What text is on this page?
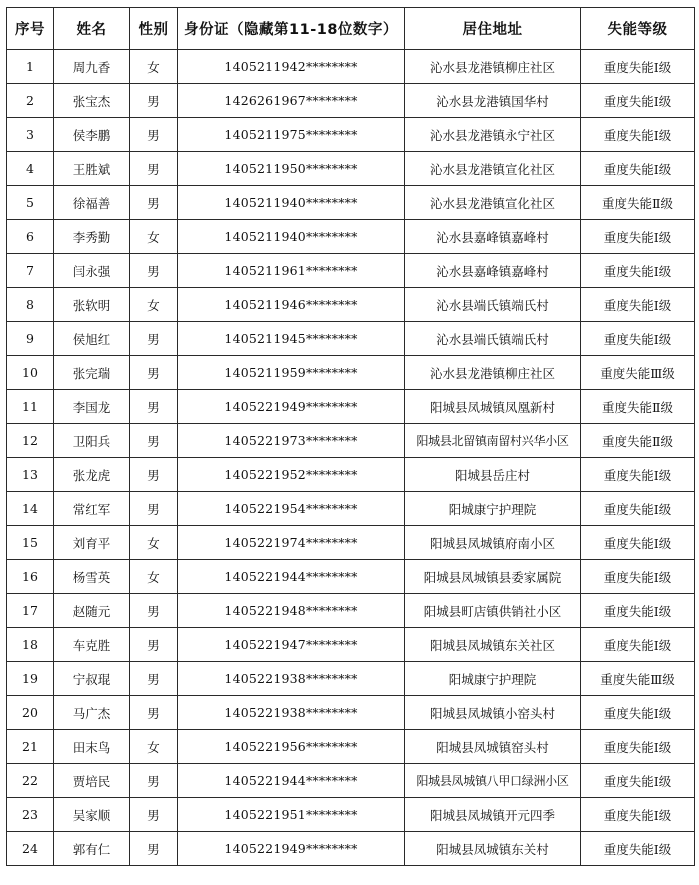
序号	姓名	性别	身份证（隐藏第11-18位数字）	居住地址	失能等级
1	周九香	女	1405211942********	沁水县龙港镇柳庄社区	重度失能Ⅰ级
2	张宝杰	男	1426261967********	沁水县龙港镇国华村	重度失能Ⅰ级
3	侯李鹏	男	1405211975********	沁水县龙港镇永宁社区	重度失能Ⅰ级
4	王胜斌	男	1405211950********	沁水县龙港镇宣化社区	重度失能Ⅰ级
5	徐福善	男	1405211940********	沁水县龙港镇宣化社区	重度失能Ⅱ级
6	李秀勤	女	1405211940********	沁水县嘉峰镇嘉峰村	重度失能Ⅰ级
7	闫永强	男	1405211961********	沁水县嘉峰镇嘉峰村	重度失能Ⅰ级
8	张软明	女	1405211946********	沁水县端氏镇端氏村	重度失能Ⅰ级
9	侯旭红	男	1405211945********	沁水县端氏镇端氏村	重度失能Ⅰ级
10	张完瑞	男	1405211959********	沁水县龙港镇柳庄社区	重度失能Ⅲ级
11	李国龙	男	1405221949********	阳城县凤城镇凤凰新村	重度失能Ⅱ级
12	卫阳兵	男	1405221973********	阳城县北留镇南留村兴华小区	重度失能Ⅱ级
13	张龙虎	男	1405221952********	阳城县岳庄村	重度失能Ⅰ级
14	常红军	男	1405221954********	阳城康宁护理院	重度失能Ⅰ级
15	刘育平	女	1405221974********	阳城县凤城镇府南小区	重度失能Ⅰ级
16	杨雪英	女	1405221944********	阳城县凤城镇县委家属院	重度失能Ⅰ级
17	赵随元	男	1405221948********	阳城县町店镇供销社小区	重度失能Ⅰ级
18	车克胜	男	1405221947********	阳城县凤城镇东关社区	重度失能Ⅰ级
19	宁叔琨	男	1405221938********	阳城康宁护理院	重度失能Ⅲ级
20	马广杰	男	1405221938********	阳城县凤城镇小窑头村	重度失能Ⅰ级
21	田末鸟	女	1405221956********	阳城县凤城镇窑头村	重度失能Ⅰ级
22	贾培民	男	1405221944********	阳城县凤城镇八甲口绿洲小区	重度失能Ⅰ级
23	吴家顺	男	1405221951********	阳城县凤城镇开元四季	重度失能Ⅰ级
24	郭有仁	男	1405221949********	阳城县凤城镇东关村	重度失能Ⅰ级
